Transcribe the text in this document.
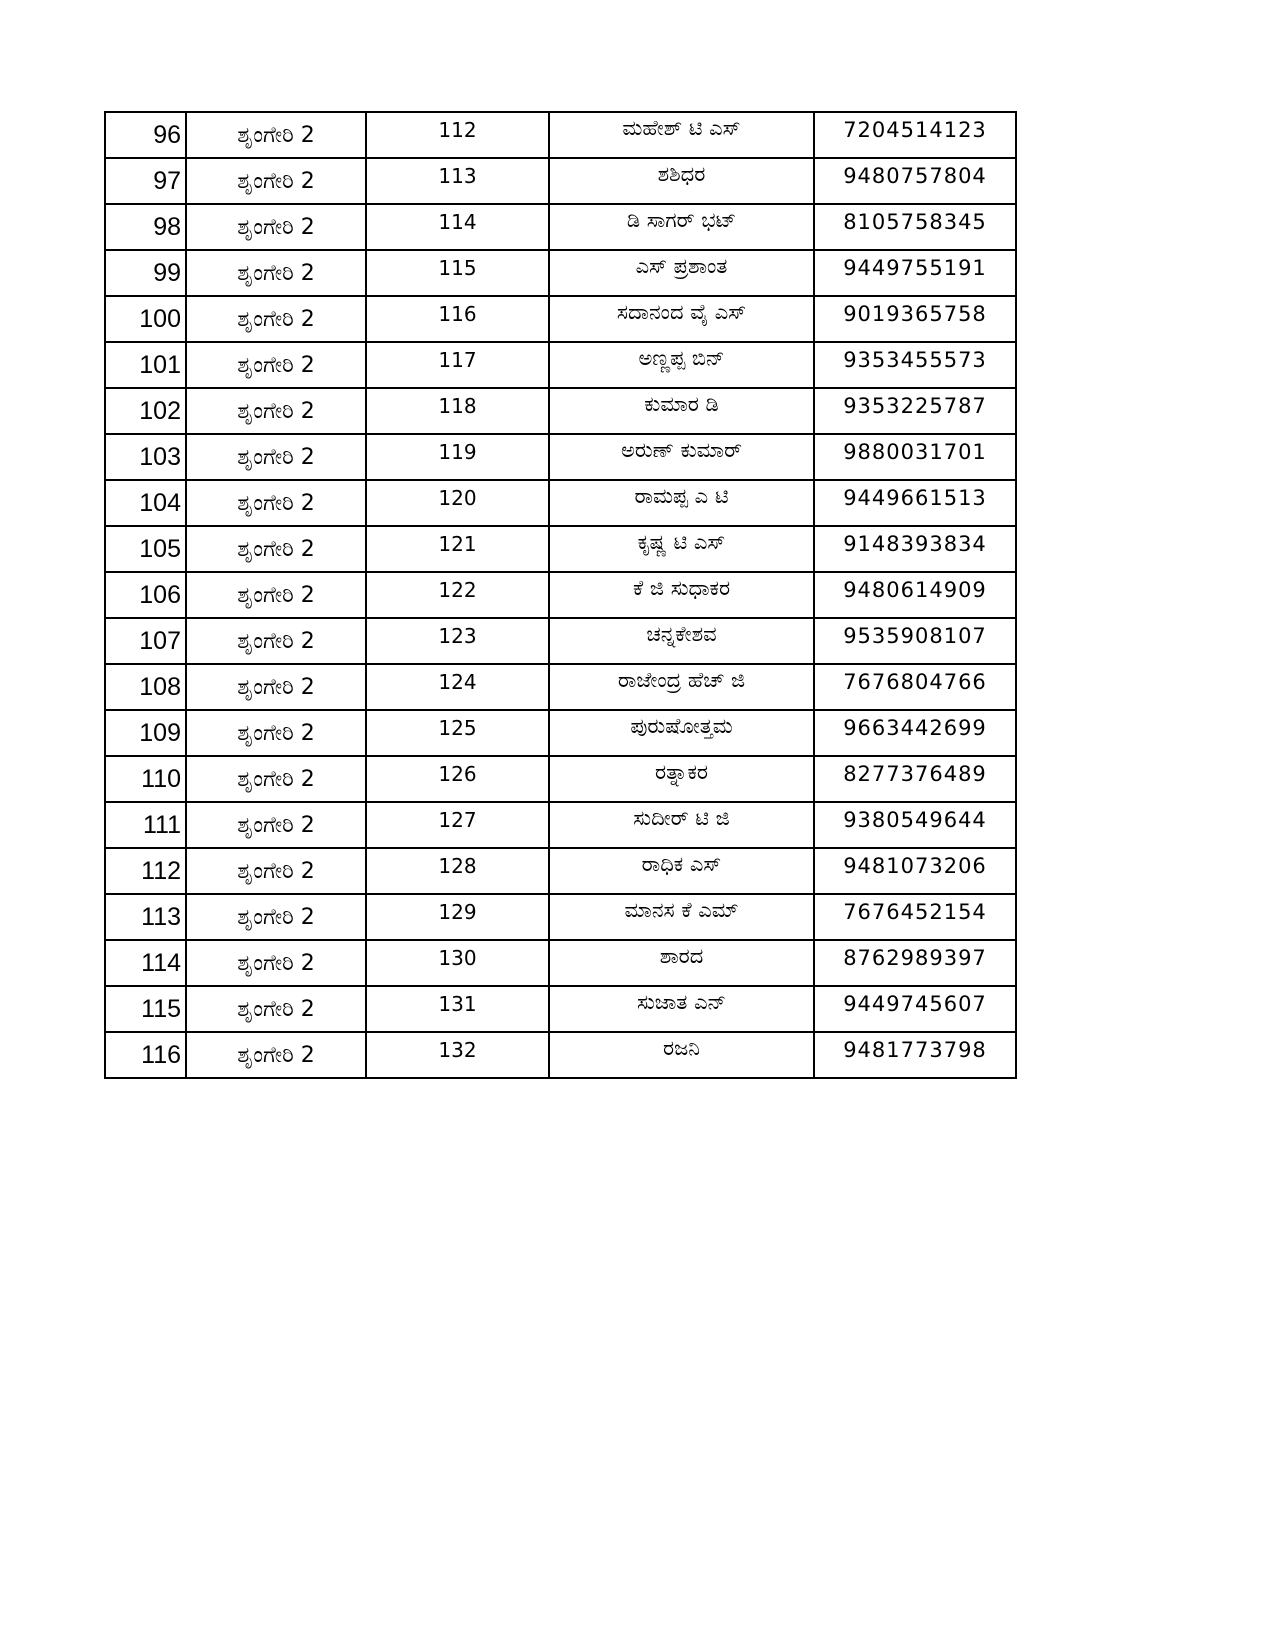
96	ಶೃಂಗೇರಿ 2	112	ಮಹೇಶ್ ಟಿ ಎಸ್	7204514123
97	ಶೃಂಗೇರಿ 2	113	ಶಶಿಧರ	9480757804
98	ಶೃಂಗೇರಿ 2	114	ಡಿ ಸಾಗರ್ ಭಟ್	8105758345
99	ಶೃಂಗೇರಿ 2	115	ಎಸ್ ಪ್ರಶಾಂತ	9449755191
100	ಶೃಂಗೇರಿ 2	116	ಸದಾನಂದ ವೈ ಎಸ್	9019365758
101	ಶೃಂಗೇರಿ 2	117	ಅಣ್ಣಪ್ಪ ಬಿನ್	9353455573
102	ಶೃಂಗೇರಿ 2	118	ಕುಮಾರ ಡಿ	9353225787
103	ಶೃಂಗೇರಿ 2	119	ಅರುಣ್ ಕುಮಾರ್	9880031701
104	ಶೃಂಗೇರಿ 2	120	ರಾಮಪ್ಪ ಎ ಟಿ	9449661513
105	ಶೃಂಗೇರಿ 2	121	ಕೃಷ್ಣ ಟಿ ಎಸ್	9148393834
106	ಶೃಂಗೇರಿ 2	122	ಕೆ ಜಿ ಸುಧಾಕರ	9480614909
107	ಶೃಂಗೇರಿ 2	123	ಚನ್ನಕೇಶವ	9535908107
108	ಶೃಂಗೇರಿ 2	124	ರಾಜೇಂದ್ರ ಹೆಚ್ ಜಿ	7676804766
109	ಶೃಂಗೇರಿ 2	125	ಪುರುಷೋತ್ತಮ	9663442699
110	ಶೃಂಗೇರಿ 2	126	ರತ್ನಾಕರ	8277376489
111	ಶೃಂಗೇರಿ 2	127	ಸುದೀರ್ ಟಿ ಜಿ	9380549644
112	ಶೃಂಗೇರಿ 2	128	ರಾಧಿಕ ಎಸ್	9481073206
113	ಶೃಂಗೇರಿ 2	129	ಮಾನಸ ಕೆ ಎಮ್	7676452154
114	ಶೃಂಗೇರಿ 2	130	ಶಾರದ	8762989397
115	ಶೃಂಗೇರಿ 2	131	ಸುಜಾತ ಎನ್	9449745607
116	ಶೃಂಗೇರಿ 2	132	ರಜನಿ	9481773798
